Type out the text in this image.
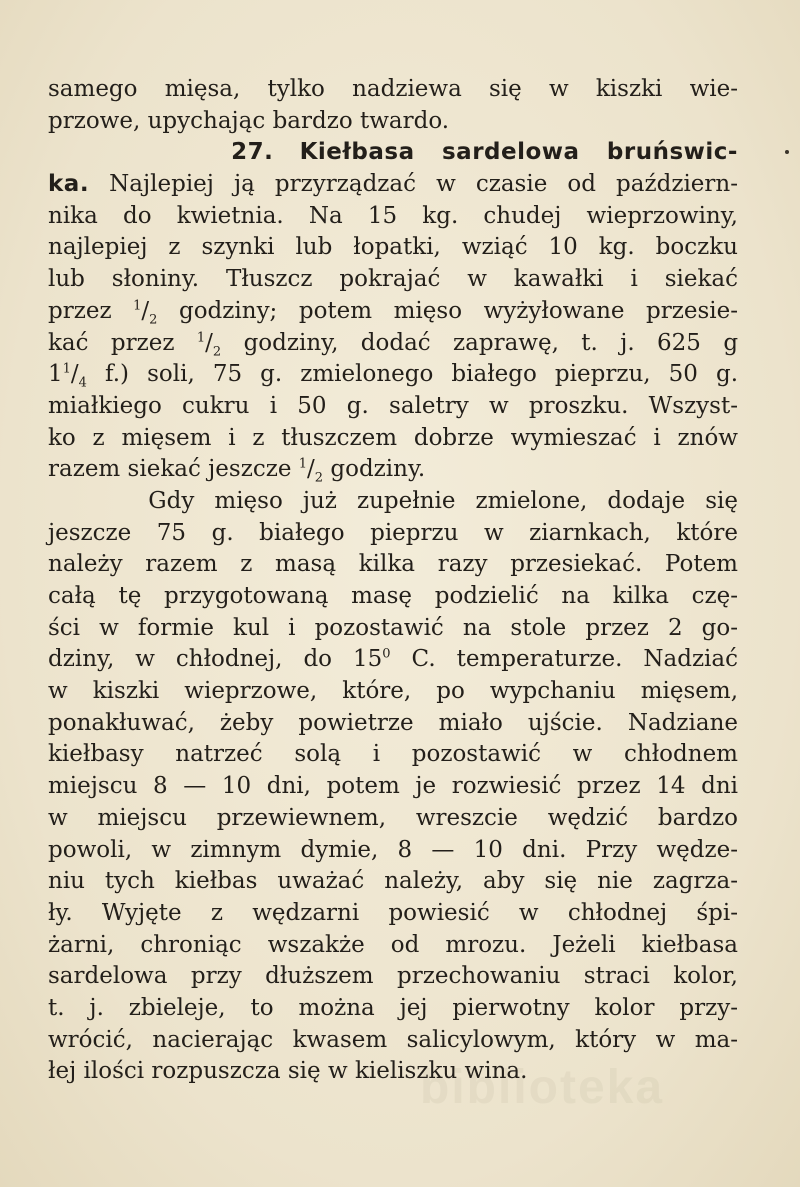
biblioteka
samego mięsa, tylko nadziewa się w kiszki wie-
przowe, upychając bardzo twardo.
27. Kiełbasa sardelowa bruńswic-
ka. Najlepiej ją przyrządzać w czasie od październ-
nika do kwietnia. Na 15 kg. chudej wieprzowiny,
najlepiej z szynki lub łopatki, wziąć 10 kg. boczku
lub słoniny. Tłuszcz pokrajać w kawałki i siekać
przez $^1/_2$ godziny; potem mięso wyżyłowane przesie-
kać przez $^1/_2$ godziny, dodać zaprawę, t. j. 625 g
$1^1/_4$ f.) soli, 75 g. zmielonego białego pieprzu, 50 g.
miałkiego cukru i 50 g. saletry w proszku. Wszyst-
ko z mięsem i z tłuszczem dobrze wymieszać i znów
razem siekać jeszcze $^1/_2$ godziny.
Gdy mięso już zupełnie zmielone, dodaje się
jeszcze 75 g. białego pieprzu w ziarnkach, które
należy razem z masą kilka razy przesiekać. Potem
całą tę przygotowaną masę podzielić na kilka czę-
ści w formie kul i pozostawić na stole przez 2 go-
dziny, w chłodnej, do $15^0$ C. temperaturze. Nadziać
w kiszki wieprzowe, które, po wypchaniu mięsem,
ponakłuwać, żeby powietrze miało ujście. Nadziane
kiełbasy natrzeć solą i pozostawić w chłodnem
miejscu 8 — 10 dni, potem je rozwiesić przez 14 dni
w miejscu przewiewnem, wreszcie wędzić bardzo
powoli, w zimnym dymie, 8 — 10 dni. Przy wędze-
niu tych kiełbas uważać należy, aby się nie zagrza-
ły. Wyjęte z wędzarni powiesić w chłodnej śpi-
żarni, chroniąc wszakże od mrozu. Jeżeli kiełbasa
sardelowa przy dłuższem przechowaniu straci kolor,
t. j. zbieleje, to można jej pierwotny kolor przy-
wrócić, nacierając kwasem salicylowym, który w ma-
łej ilości rozpuszcza się w kieliszku wina.
